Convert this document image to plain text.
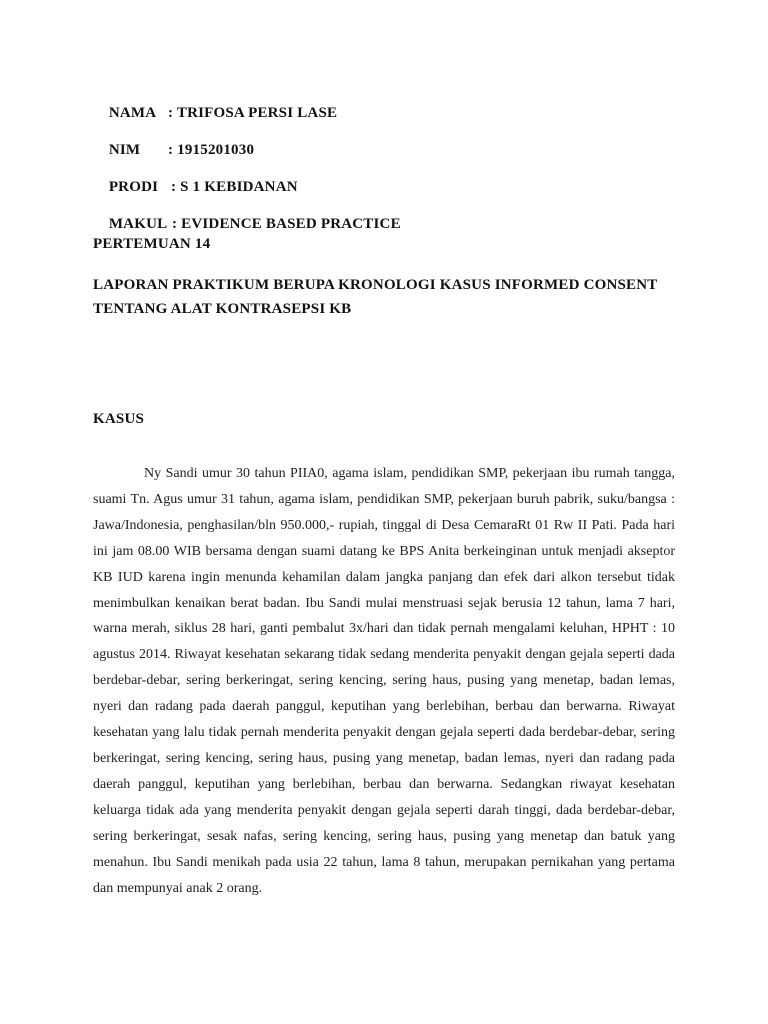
NAMA : TRIFOSA PERSI LASE

NIM : 1915201030

PRODI : S 1 KEBIDANAN

MAKUL : EVIDENCE BASED PRACTICE

PERTEMUAN 14
LAPORAN PRAKTIKUM BERUPA KRONOLOGI KASUS INFORMED CONSENT TENTANG ALAT KONTRASEPSI KB
KASUS

Ny Sandi umur 30 tahun PIIA0, agama islam, pendidikan SMP, pekerjaan ibu rumah tangga, suami Tn. Agus umur 31 tahun, agama islam, pendidikan SMP, pekerjaan buruh pabrik, suku/bangsa : Jawa/Indonesia, penghasilan/bln 950.000,- rupiah, tinggal di Desa CemaraRt 01 Rw II Pati. Pada hari ini jam 08.00 WIB bersama dengan suami datang ke BPS Anita berkeinginan untuk menjadi akseptor KB IUD karena ingin menunda kehamilan dalam jangka panjang dan efek dari alkon tersebut tidak menimbulkan kenaikan berat badan. Ibu Sandi mulai menstruasi sejak berusia 12 tahun, lama 7 hari, warna merah, siklus 28 hari, ganti pembalut 3x/hari dan tidak pernah mengalami keluhan, HPHT : 10 agustus 2014. Riwayat kesehatan sekarang tidak sedang menderita penyakit dengan gejala seperti dada berdebar-debar, sering berkeringat, sering kencing, sering haus, pusing yang menetap, badan lemas, nyeri dan radang pada daerah panggul, keputihan yang berlebihan, berbau dan berwarna. Riwayat kesehatan yang lalu tidak pernah menderita penyakit dengan gejala seperti dada berdebar-debar, sering berkeringat, sering kencing, sering haus, pusing yang menetap, badan lemas, nyeri dan radang pada daerah panggul, keputihan yang berlebihan, berbau dan berwarna. Sedangkan riwayat kesehatan keluarga tidak ada yang menderita penyakit dengan gejala seperti darah tinggi, dada berdebar-debar, sering berkeringat, sesak nafas, sering kencing, sering haus, pusing yang menetap dan batuk yang menahun. Ibu Sandi menikah pada usia 22 tahun, lama 8 tahun, merupakan pernikahan yang pertama dan mempunyai anak 2 orang.
